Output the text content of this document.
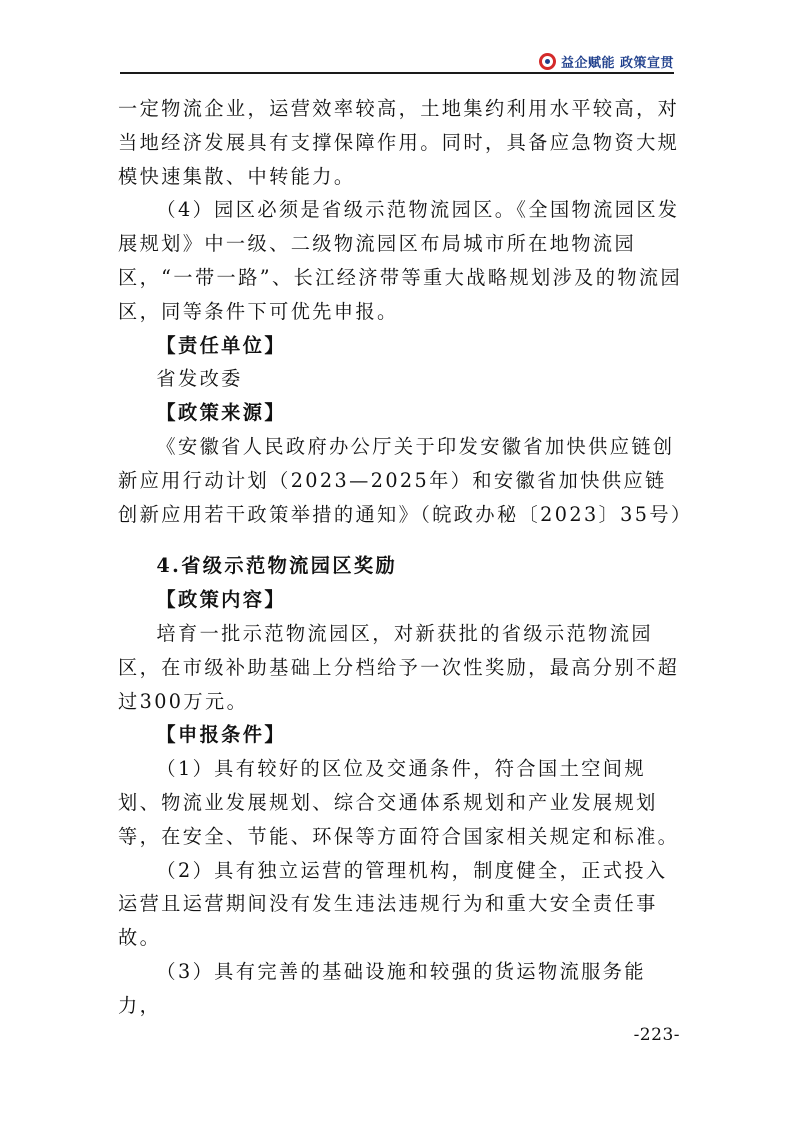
益企赋能 政策宣贯

一定物流企业，运营效率较高，土地集约利用水平较高，对当地经济发展具有支撑保障作用。同时，具备应急物资大规模快速集散、中转能力。

（4）园区必须是省级示范物流园区。《全国物流园区发展规划》中一级、二级物流园区布局城市所在地物流园区，“一带一路”、长江经济带等重大战略规划涉及的物流园区，同等条件下可优先申报。

【责任单位】

省发改委

【政策来源】

《安徽省人民政府办公厅关于印发安徽省加快供应链创新应用行动计划（2023—2025年）和安徽省加快供应链创新应用若干政策举措的通知》（皖政办秘〔2023〕35号）

4.省级示范物流园区奖励

【政策内容】

培育一批示范物流园区，对新获批的省级示范物流园区，在市级补助基础上分档给予一次性奖励，最高分别不超过300万元。

【申报条件】

（1）具有较好的区位及交通条件，符合国土空间规划、物流业发展规划、综合交通体系规划和产业发展规划等，在安全、节能、环保等方面符合国家相关规定和标准。

（2）具有独立运营的管理机构，制度健全，正式投入运营且运营期间没有发生违法违规行为和重大安全责任事故。

（3）具有完善的基础设施和较强的货运物流服务能力，

-223-
